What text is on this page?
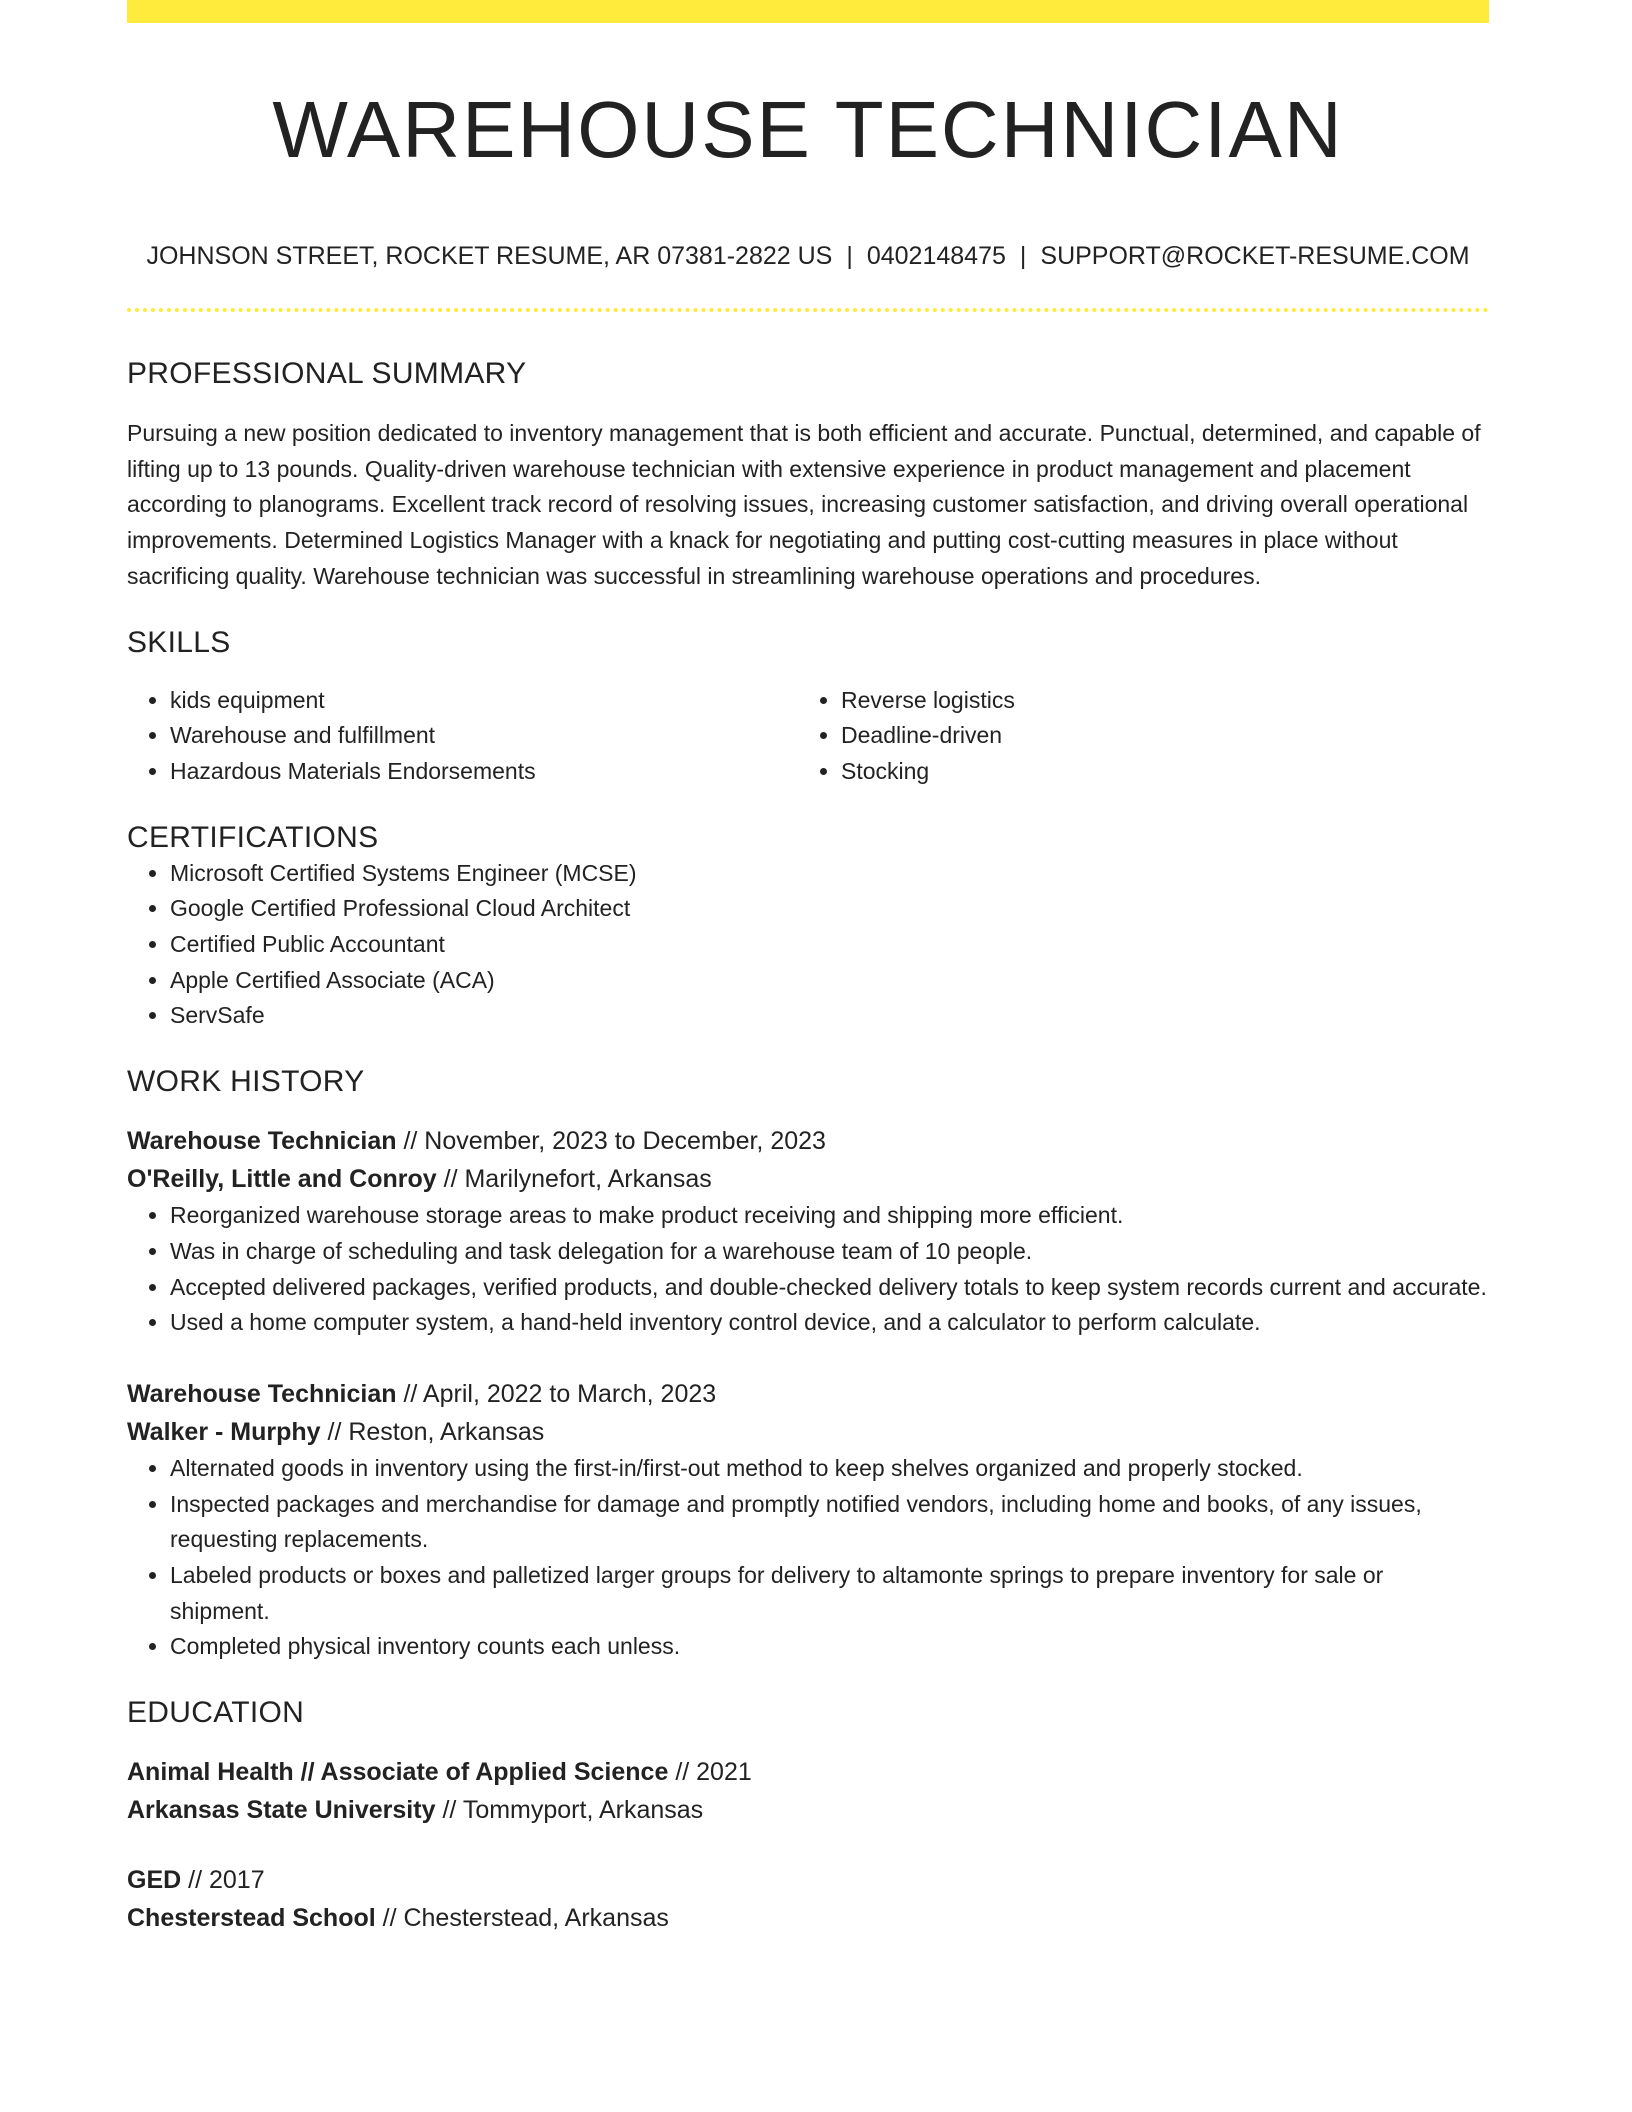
WAREHOUSE TECHNICIAN
JOHNSON STREET, ROCKET RESUME, AR 07381-2822 US | 0402148475 | SUPPORT@ROCKET-RESUME.COM
PROFESSIONAL SUMMARY

Pursuing a new position dedicated to inventory management that is both efficient and accurate. Punctual, determined, and capable of lifting up to 13 pounds. Quality-driven warehouse technician with extensive experience in product management and placement according to planograms. Excellent track record of resolving issues, increasing customer satisfaction, and driving overall operational improvements. Determined Logistics Manager with a knack for negotiating and putting cost-cutting measures in place without sacrificing quality. Warehouse technician was successful in streamlining warehouse operations and procedures.

SKILLS
• kids equipment
• Warehouse and fulfillment
• Hazardous Materials Endorsements
• Reverse logistics
• Deadline-driven
• Stocking
CERTIFICATIONS
• Microsoft Certified Systems Engineer (MCSE)
• Google Certified Professional Cloud Architect
• Certified Public Accountant
• Apple Certified Associate (ACA)
• ServSafe
WORK HISTORY
Warehouse Technician // November, 2023 to December, 2023
O'Reilly, Little and Conroy // Marilynefort, Arkansas
• Reorganized warehouse storage areas to make product receiving and shipping more efficient.
• Was in charge of scheduling and task delegation for a warehouse team of 10 people.
• Accepted delivered packages, verified products, and double-checked delivery totals to keep system records current and accurate.
• Used a home computer system, a hand-held inventory control device, and a calculator to perform calculate.
Warehouse Technician // April, 2022 to March, 2023
Walker - Murphy // Reston, Arkansas
• Alternated goods in inventory using the first-in/first-out method to keep shelves organized and properly stocked.
• Inspected packages and merchandise for damage and promptly notified vendors, including home and books, of any issues, requesting replacements.
• Labeled products or boxes and palletized larger groups for delivery to altamonte springs to prepare inventory for sale or shipment.
• Completed physical inventory counts each unless.
EDUCATION
Animal Health // Associate of Applied Science // 2021
Arkansas State University // Tommyport, Arkansas
GED // 2017
Chesterstead School // Chesterstead, Arkansas
